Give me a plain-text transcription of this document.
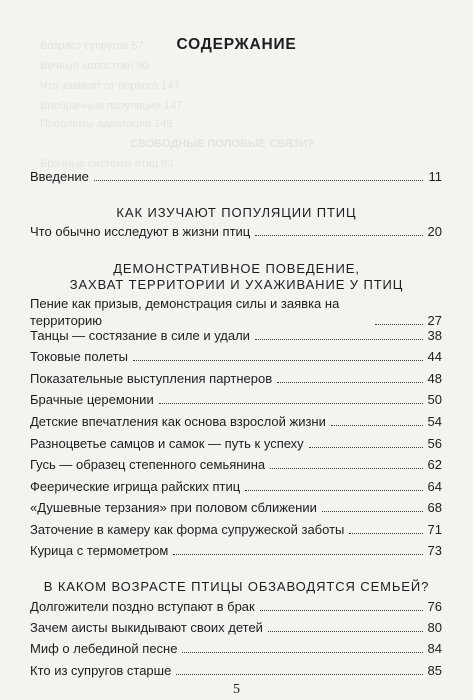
Возраст супругов 57
Вечные холостяки 90
Что зависит от первого 147
Внебрачные популяции 147
Проблемы адаптации 149
СВОБОДНЫЕ ПОЛОВЫЕ СВЯЗИ?
Брачные системы птиц 93
СОДЕРЖАНИЕ
Введение	11
КАК ИЗУЧАЮТ ПОПУЛЯЦИИ ПТИЦ
Что обычно исследуют в жизни птиц	20
ДЕМОНСТРАТИВНОЕ ПОВЕДЕНИЕ,
ЗАХВАТ ТЕРРИТОРИИ И УХАЖИВАНИЕ У ПТИЦ
Пение как призыв, демонстрация силы и заявка на территорию	27
Танцы — состязание в силе и удали	38
Токовые полеты	44
Показательные выступления партнеров	48
Брачные церемонии	50
Детские впечатления как основа взрослой жизни	54
Разноцветье самцов и самок — путь к успеху	56
Гусь — образец степенного семьянина	62
Феерические игрища райских птиц	64
«Душевные терзания» при половом сближении	68
Заточение в камеру как форма супружеской заботы	71
Курица с термометром	73
В КАКОМ ВОЗРАСТЕ ПТИЦЫ ОБЗАВОДЯТСЯ СЕМЬЕЙ?
Долгожители поздно вступают в брак	76
Зачем аисты выкидывают своих детей	80
Миф о лебединой песне	84
Кто из супругов старше	85
5
